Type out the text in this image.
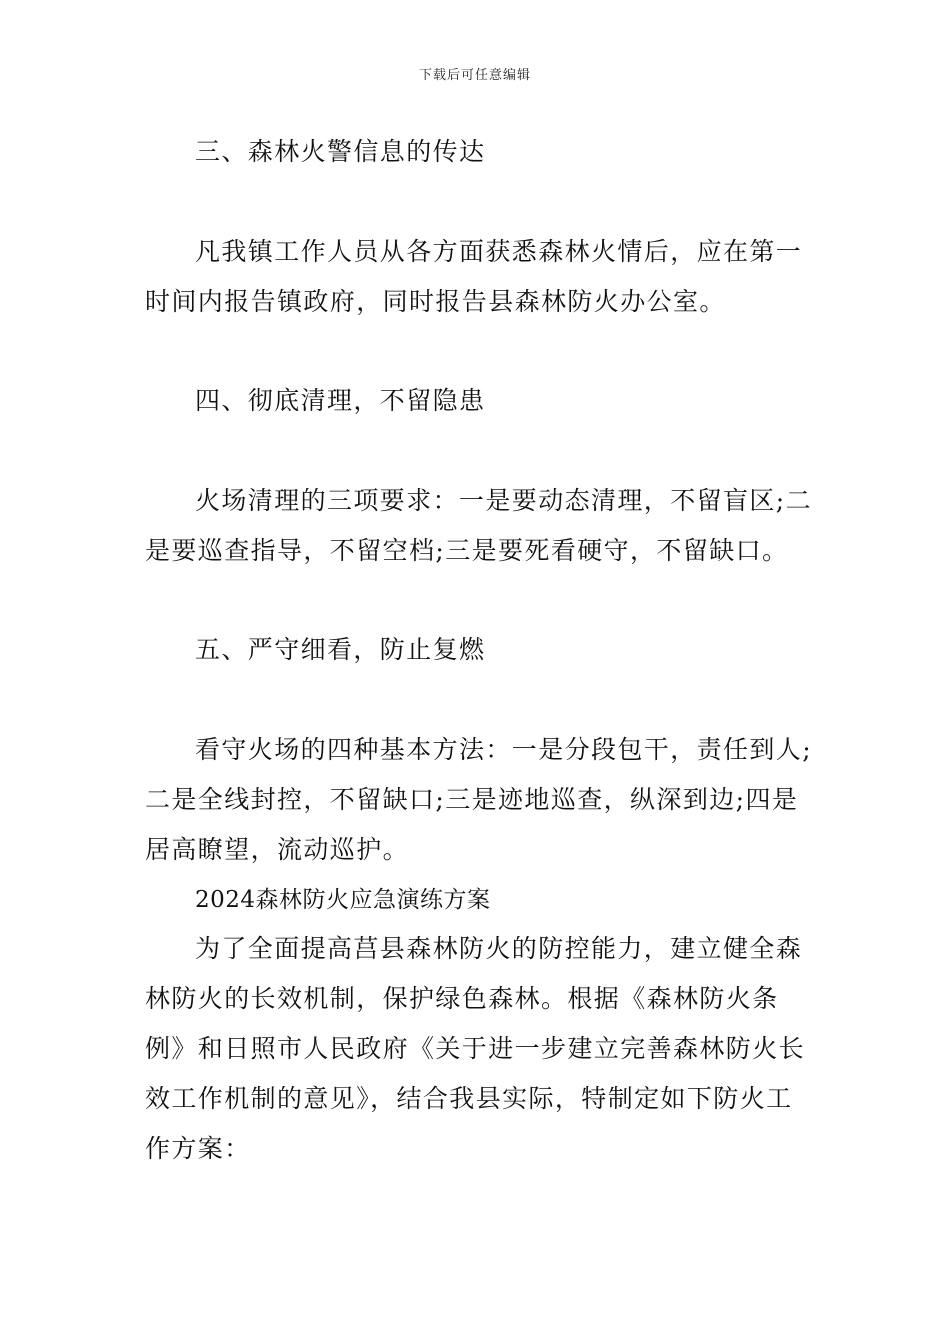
下载后可任意编辑
三、森林火警信息的传达
凡我镇工作人员从各方面获悉森林火情后，应在第一
时间内报告镇政府，同时报告县森林防火办公室。
四、彻底清理，不留隐患
火场清理的三项要求：一是要动态清理，不留盲区;二
是要巡查指导，不留空档;三是要死看硬守，不留缺口。
五、严守细看，防止复燃
看守火场的四种基本方法：一是分段包干，责任到人;
二是全线封控，不留缺口;三是迹地巡查，纵深到边;四是
居高瞭望，流动巡护。
2024森林防火应急演练方案
为了全面提高莒县森林防火的防控能力，建立健全森
林防火的长效机制，保护绿色森林。根据《森林防火条
例》和日照市人民政府《关于进一步建立完善森林防火长
效工作机制的意见》，结合我县实际，特制定如下防火工
作方案：
